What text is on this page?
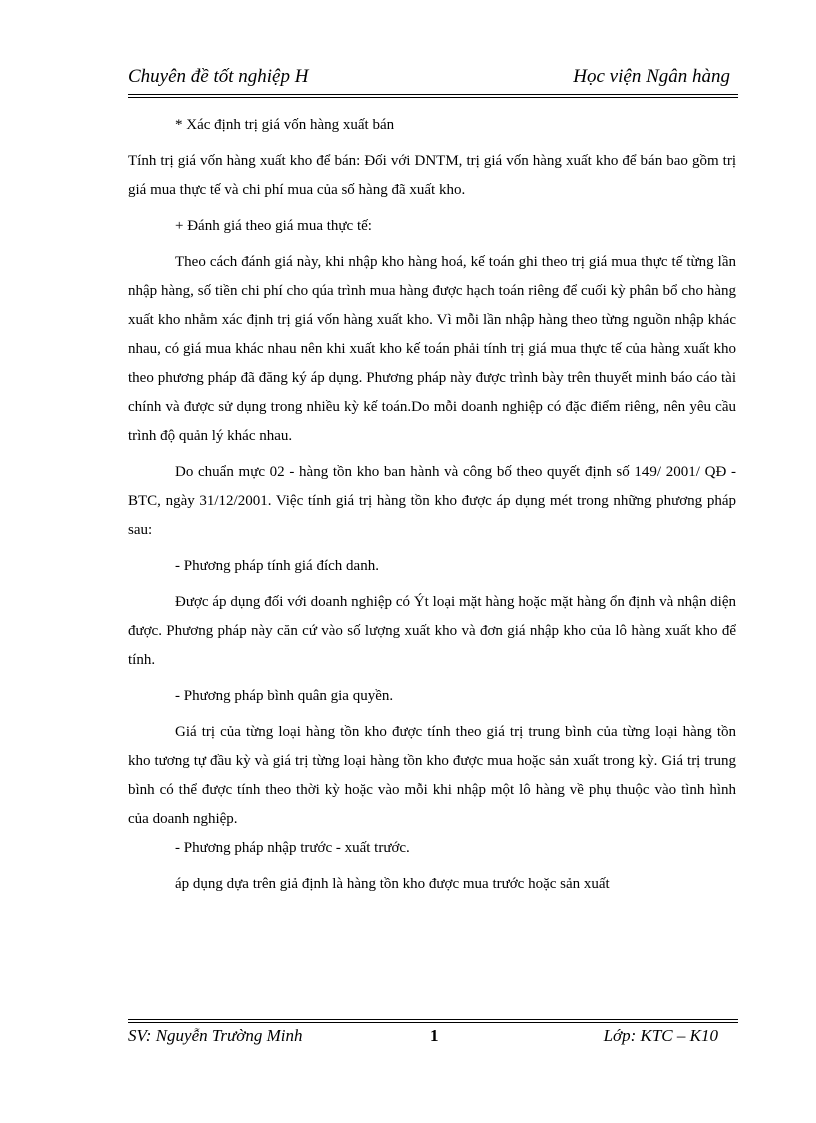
Chuyên đề tốt nghiệp H	Học viện Ngân hàng

* Xác định trị giá vốn hàng xuất bán

Tính trị giá vốn hàng xuất kho để bán: Đối với DNTM, trị giá vốn hàng xuất kho để bán bao gồm trị giá mua thực tế và chi phí mua của số hàng đã xuất kho.

+ Đánh giá theo giá mua thực tế:

Theo cách đánh giá này, khi nhập kho hàng hoá, kế toán ghi theo trị giá mua thực tế từng lần nhập hàng, số tiền chi phí cho qúa trình mua hàng được hạch toán riêng để cuối kỳ phân bổ cho hàng xuất kho nhằm xác định trị giá vốn hàng xuất kho. Vì mỗi lần nhập hàng theo từng nguồn nhập khác nhau, có giá mua khác nhau nên khi xuất kho kế toán phải tính trị giá mua thực tế của hàng xuất kho theo phương pháp đã đăng ký áp dụng. Phương pháp này được trình bày trên thuyết minh báo cáo tài chính và được sử dụng trong nhiều kỳ kế toán.Do mỗi doanh nghiệp có đặc điểm riêng, nên yêu cầu trình độ quản lý khác nhau.

Do chuẩn mực 02 - hàng tồn kho ban hành và công bố theo quyết định số 149/ 2001/ QĐ - BTC, ngày 31/12/2001. Việc tính giá trị hàng tồn kho được áp dụng mét trong những phương pháp sau:

- Phương pháp tính giá đích danh.

Được áp dụng đối với doanh nghiệp có Ýt loại mặt hàng hoặc mặt hàng ổn định và nhận diện được. Phương pháp này căn cứ vào số lượng xuất kho và đơn giá nhập kho của lô hàng xuất kho để tính.

- Phương pháp bình quân gia quyền.

Giá trị của từng loại hàng tồn kho được tính theo giá trị trung bình của từng loại hàng tồn kho tương tự đầu kỳ và giá trị từng loại hàng tồn kho được mua hoặc sản xuất trong kỳ. Giá trị trung bình có thể được tính theo thời kỳ hoặc vào mỗi khi nhập một lô hàng về phụ thuộc vào tình hình của doanh nghiệp.

- Phương pháp nhập trước - xuất trước.

áp dụng dựa trên giả định là hàng tồn kho được mua trước hoặc sản xuất

SV: Nguyễn Trường Minh	1	Lớp: KTC – K10
